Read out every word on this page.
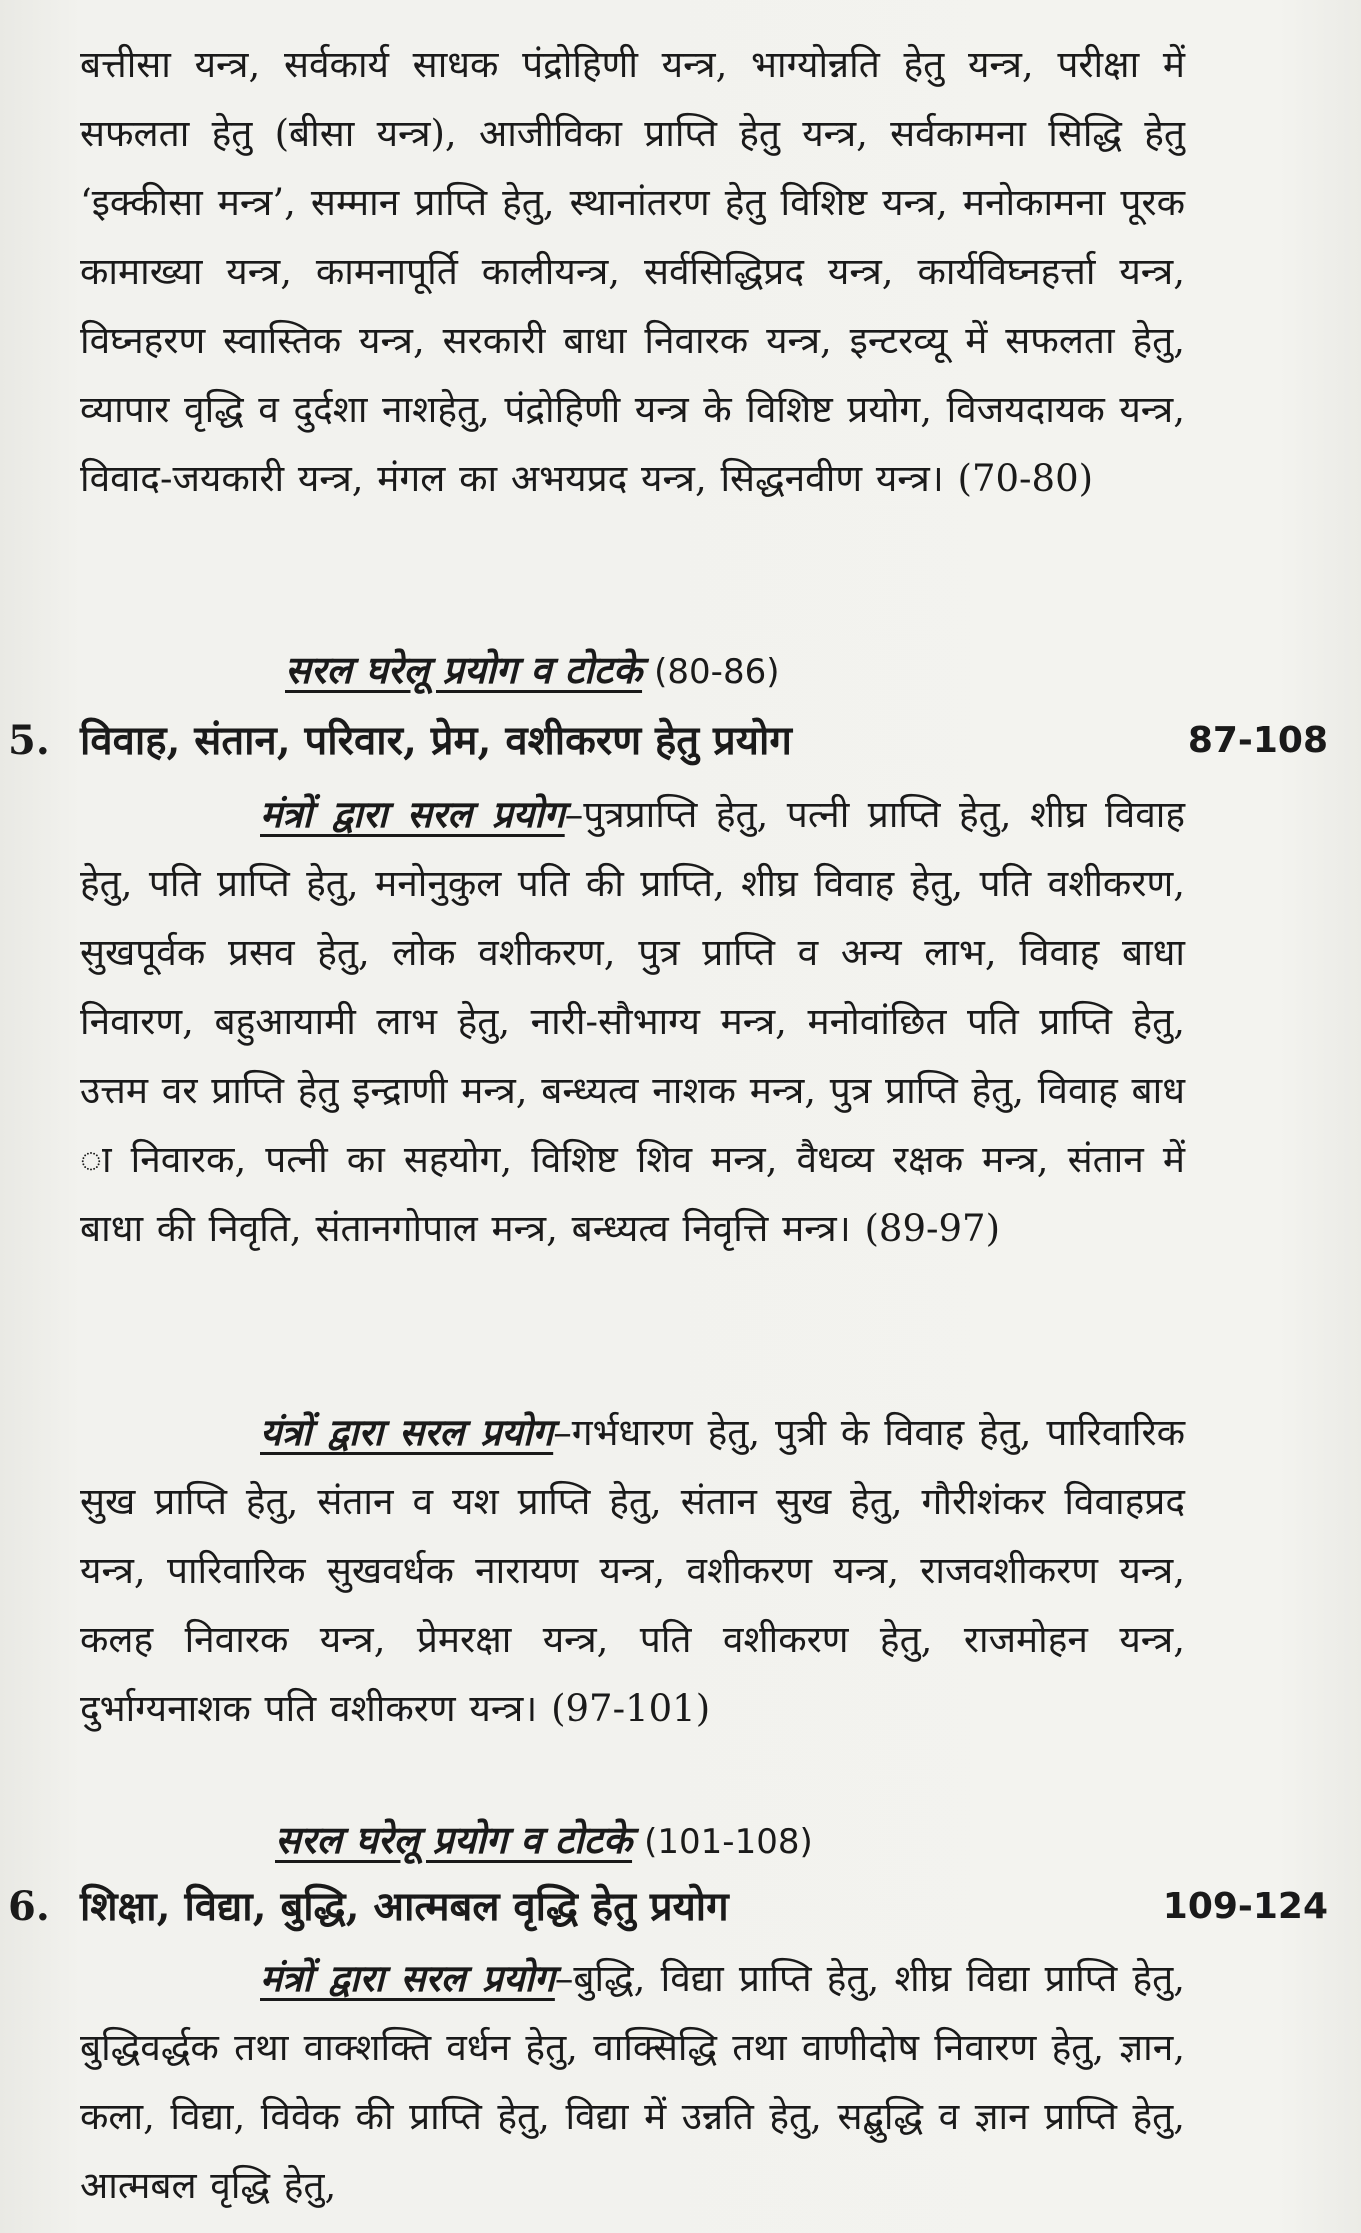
बत्तीसा यन्त्र, सर्वकार्य साधक पंद्रोहिणी यन्त्र, भाग्योन्नति हेतु यन्त्र, परीक्षा में सफलता हेतु (बीसा यन्त्र), आजीविका प्राप्ति हेतु यन्त्र, सर्वकामना सिद्धि हेतु ‘इक्कीसा मन्त्र’, सम्मान प्राप्ति हेतु, स्थानांतरण हेतु विशिष्ट यन्त्र, मनोकामना पूरक कामाख्या यन्त्र, कामनापूर्ति कालीयन्त्र, सर्वसिद्धिप्रद यन्त्र, कार्यविघ्नहर्त्ता यन्त्र, विघ्नहरण स्वास्तिक यन्त्र, सरकारी बाधा निवारक यन्त्र, इन्टरव्यू में सफलता हेतु, व्यापार वृद्धि व दुर्दशा नाशहेतु, पंद्रोहिणी यन्त्र के विशिष्ट प्रयोग, विजयदायक यन्त्र, विवाद-जयकारी यन्त्र, मंगल का अभयप्रद यन्त्र, सिद्धनवीण यन्त्र। (70-80)
सरल घरेलू प्रयोग व टोटके (80-86)
5. विवाह, संतान, परिवार, प्रेम, वशीकरण हेतु प्रयोग	87-108
मंत्रों द्वारा सरल प्रयोग–पुत्रप्राप्ति हेतु, पत्नी प्राप्ति हेतु, शीघ्र विवाह हेतु, पति प्राप्ति हेतु, मनोनुकुल पति की प्राप्ति, शीघ्र विवाह हेतु, पति वशीकरण, सुखपूर्वक प्रसव हेतु, लोक वशीकरण, पुत्र प्राप्ति व अन्य लाभ, विवाह बाधा निवारण, बहुआयामी लाभ हेतु, नारी-सौभाग्य मन्त्र, मनोवांछित पति प्राप्ति हेतु, उत्तम वर प्राप्ति हेतु इन्द्राणी मन्त्र, बन्ध्यत्व नाशक मन्त्र, पुत्र प्राप्ति हेतु, विवाह बाध ा निवारक, पत्नी का सहयोग, विशिष्ट शिव मन्त्र, वैधव्य रक्षक मन्त्र, संतान में बाधा की निवृति, संतानगोपाल मन्त्र, बन्ध्यत्व निवृत्ति मन्त्र। (89-97)
यंत्रों द्वारा सरल प्रयोग–गर्भधारण हेतु, पुत्री के विवाह हेतु, पारिवारिक सुख प्राप्ति हेतु, संतान व यश प्राप्ति हेतु, संतान सुख हेतु, गौरीशंकर विवाहप्रद यन्त्र, पारिवारिक सुखवर्धक नारायण यन्त्र, वशीकरण यन्त्र, राजवशीकरण यन्त्र, कलह निवारक यन्त्र, प्रेमरक्षा यन्त्र, पति वशीकरण हेतु, राजमोहन यन्त्र, दुर्भाग्यनाशक पति वशीकरण यन्त्र। (97-101)
सरल घरेलू प्रयोग व टोटके (101-108)
6. शिक्षा, विद्या, बुद्धि, आत्मबल वृद्धि हेतु प्रयोग	109-124
मंत्रों द्वारा सरल प्रयोग–बुद्धि, विद्या प्राप्ति हेतु, शीघ्र विद्या प्राप्ति हेतु, बुद्धिवर्द्धक तथा वाक्शक्ति वर्धन हेतु, वाक्सिद्धि तथा वाणीदोष निवारण हेतु, ज्ञान, कला, विद्या, विवेक की प्राप्ति हेतु, विद्या में उन्नति हेतु, सद्बुद्धि व ज्ञान प्राप्ति हेतु, आत्मबल वृद्धि हेतु,
